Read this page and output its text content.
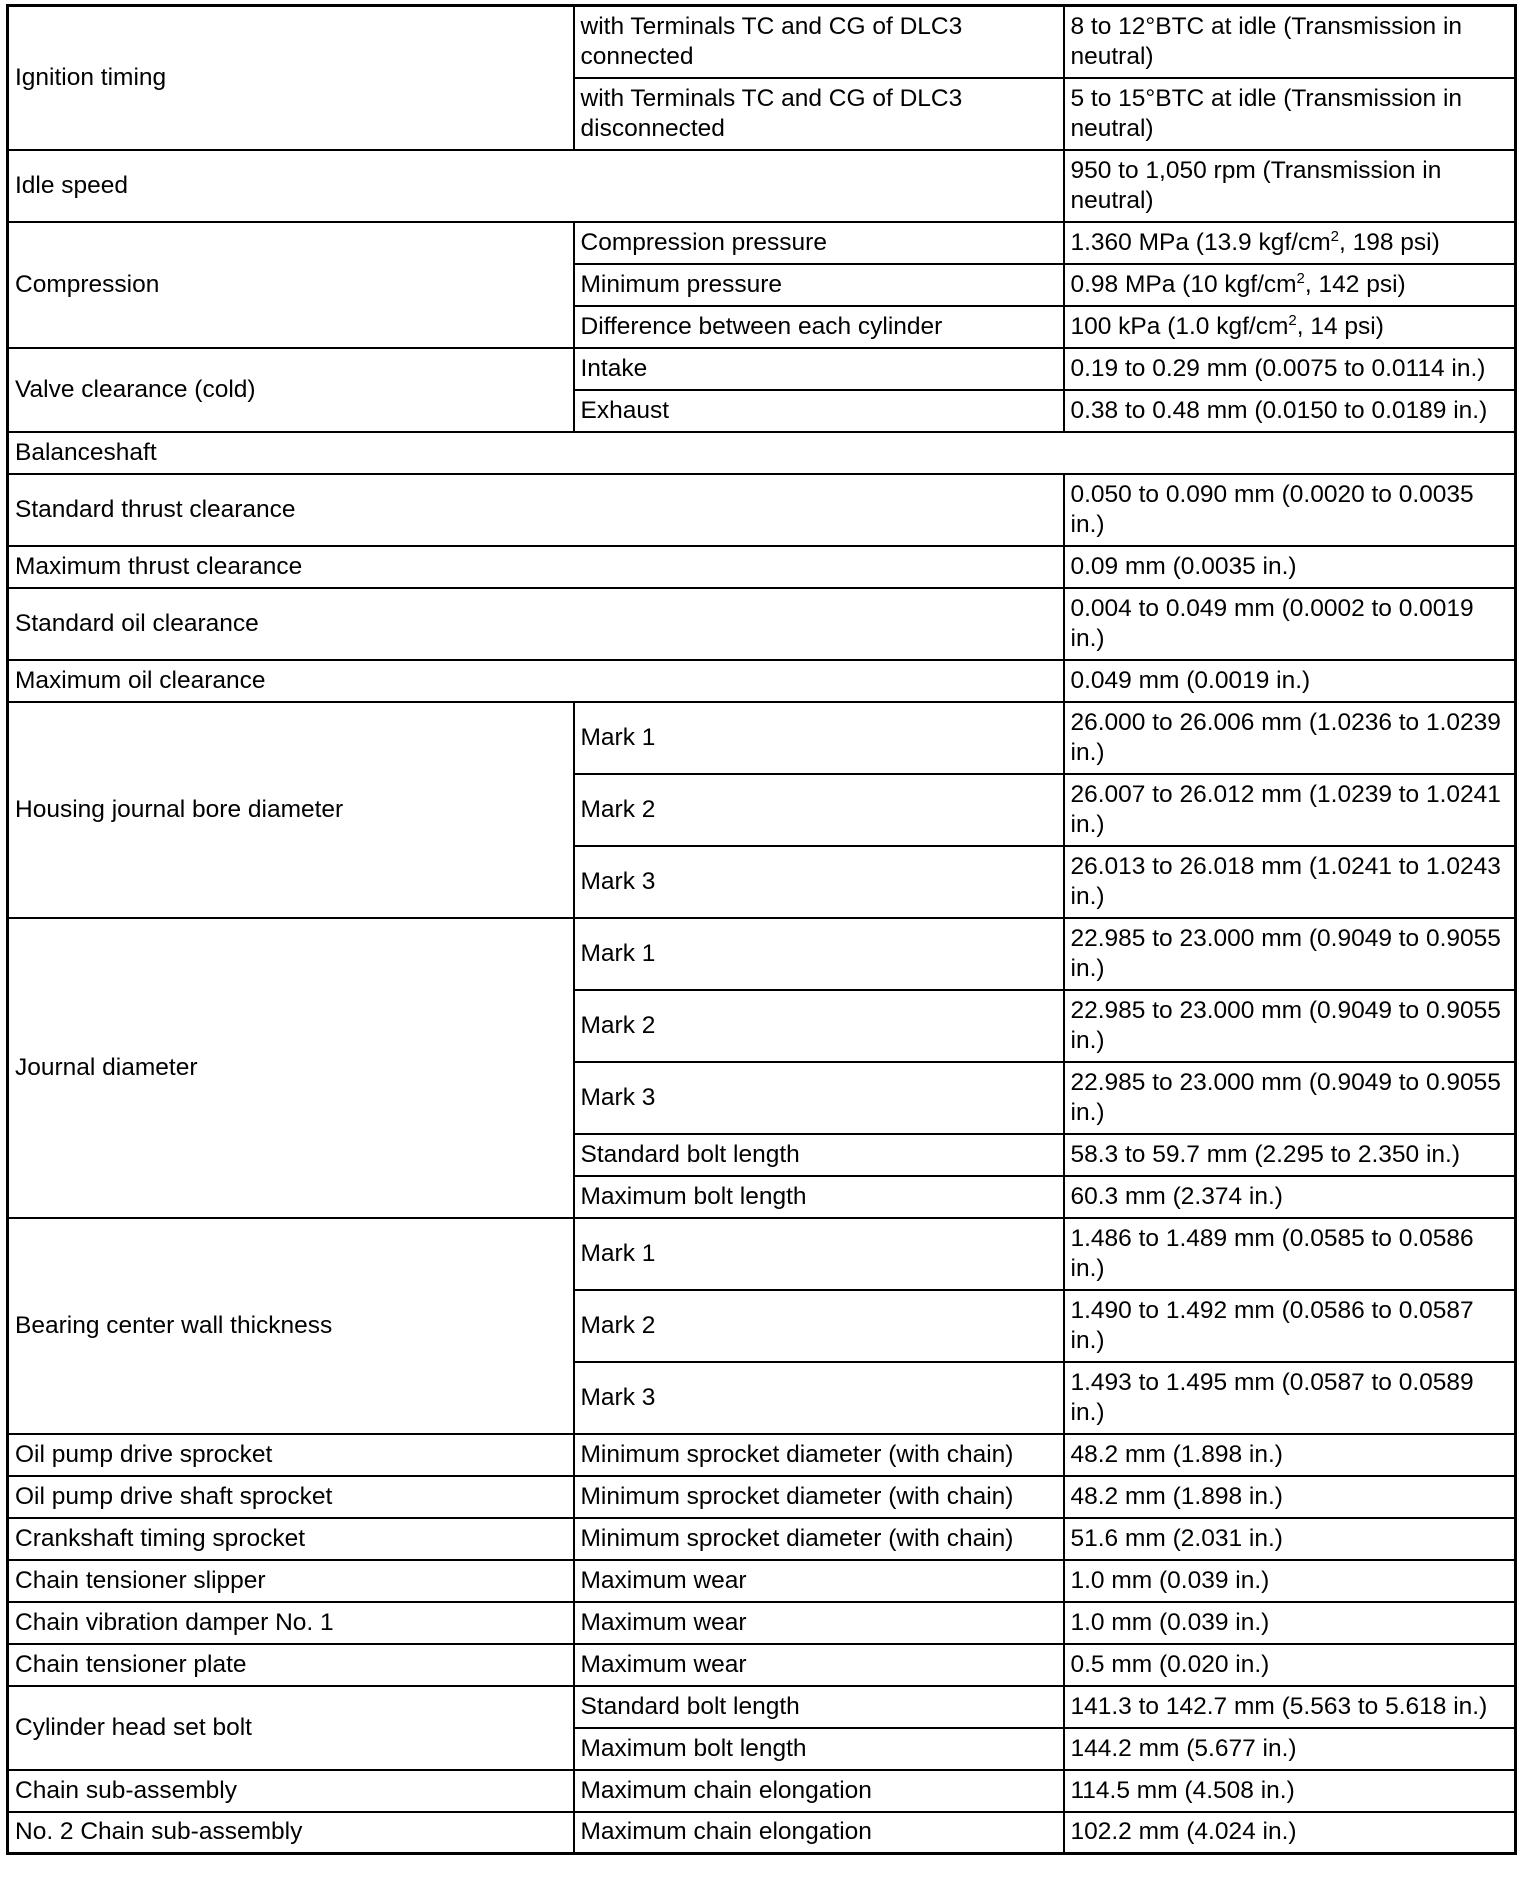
Ignition timing	with Terminals TC and CG of DLC3 connected	8 to 12°BTC at idle (Transmission in neutral)
	with Terminals TC and CG of DLC3 disconnected	5 to 15°BTC at idle (Transmission in neutral)
Idle speed		950 to 1,050 rpm (Transmission in neutral)
Compression	Compression pressure	1.360 MPa (13.9 kgf/$cm^2$, 198 psi)
	Minimum pressure	0.98 MPa (10 kgf/$cm^2$, 142 psi)
	Difference between each cylinder	100 kPa (1.0 kgf/$cm^2$, 14 psi)
Valve clearance (cold)	Intake	0.19 to 0.29 mm (0.0075 to 0.0114 in.)
	Exhaust	0.38 to 0.48 mm (0.0150 to 0.0189 in.)
Balanceshaft		
Standard thrust clearance		0.050 to 0.090 mm (0.0020 to 0.0035 in.)
Maximum thrust clearance		0.09 mm (0.0035 in.)
Standard oil clearance		0.004 to 0.049 mm (0.0002 to 0.0019 in.)
Maximum oil clearance		0.049 mm (0.0019 in.)
Housing journal bore diameter	Mark 1	26.000 to 26.006 mm (1.0236 to 1.0239 in.)
	Mark 2	26.007 to 26.012 mm (1.0239 to 1.0241 in.)
	Mark 3	26.013 to 26.018 mm (1.0241 to 1.0243 in.)
Journal diameter	Mark 1	22.985 to 23.000 mm (0.9049 to 0.9055 in.)
	Mark 2	22.985 to 23.000 mm (0.9049 to 0.9055 in.)
	Mark 3	22.985 to 23.000 mm (0.9049 to 0.9055 in.)
	Standard bolt length	58.3 to 59.7 mm (2.295 to 2.350 in.)
	Maximum bolt length	60.3 mm (2.374 in.)
Bearing center wall thickness	Mark 1	1.486 to 1.489 mm (0.0585 to 0.0586 in.)
	Mark 2	1.490 to 1.492 mm (0.0586 to 0.0587 in.)
	Mark 3	1.493 to 1.495 mm (0.0587 to 0.0589 in.)
Oil pump drive sprocket	Minimum sprocket diameter (with chain)	48.2 mm (1.898 in.)
Oil pump drive shaft sprocket	Minimum sprocket diameter (with chain)	48.2 mm (1.898 in.)
Crankshaft timing sprocket	Minimum sprocket diameter (with chain)	51.6 mm (2.031 in.)
Chain tensioner slipper	Maximum wear	1.0 mm (0.039 in.)
Chain vibration damper No. 1	Maximum wear	1.0 mm (0.039 in.)
Chain tensioner plate	Maximum wear	0.5 mm (0.020 in.)
Cylinder head set bolt	Standard bolt length	141.3 to 142.7 mm (5.563 to 5.618 in.)
	Maximum bolt length	144.2 mm (5.677 in.)
Chain sub-assembly	Maximum chain elongation	114.5 mm (4.508 in.)
No. 2 Chain sub-assembly	Maximum chain elongation	102.2 mm (4.024 in.)
